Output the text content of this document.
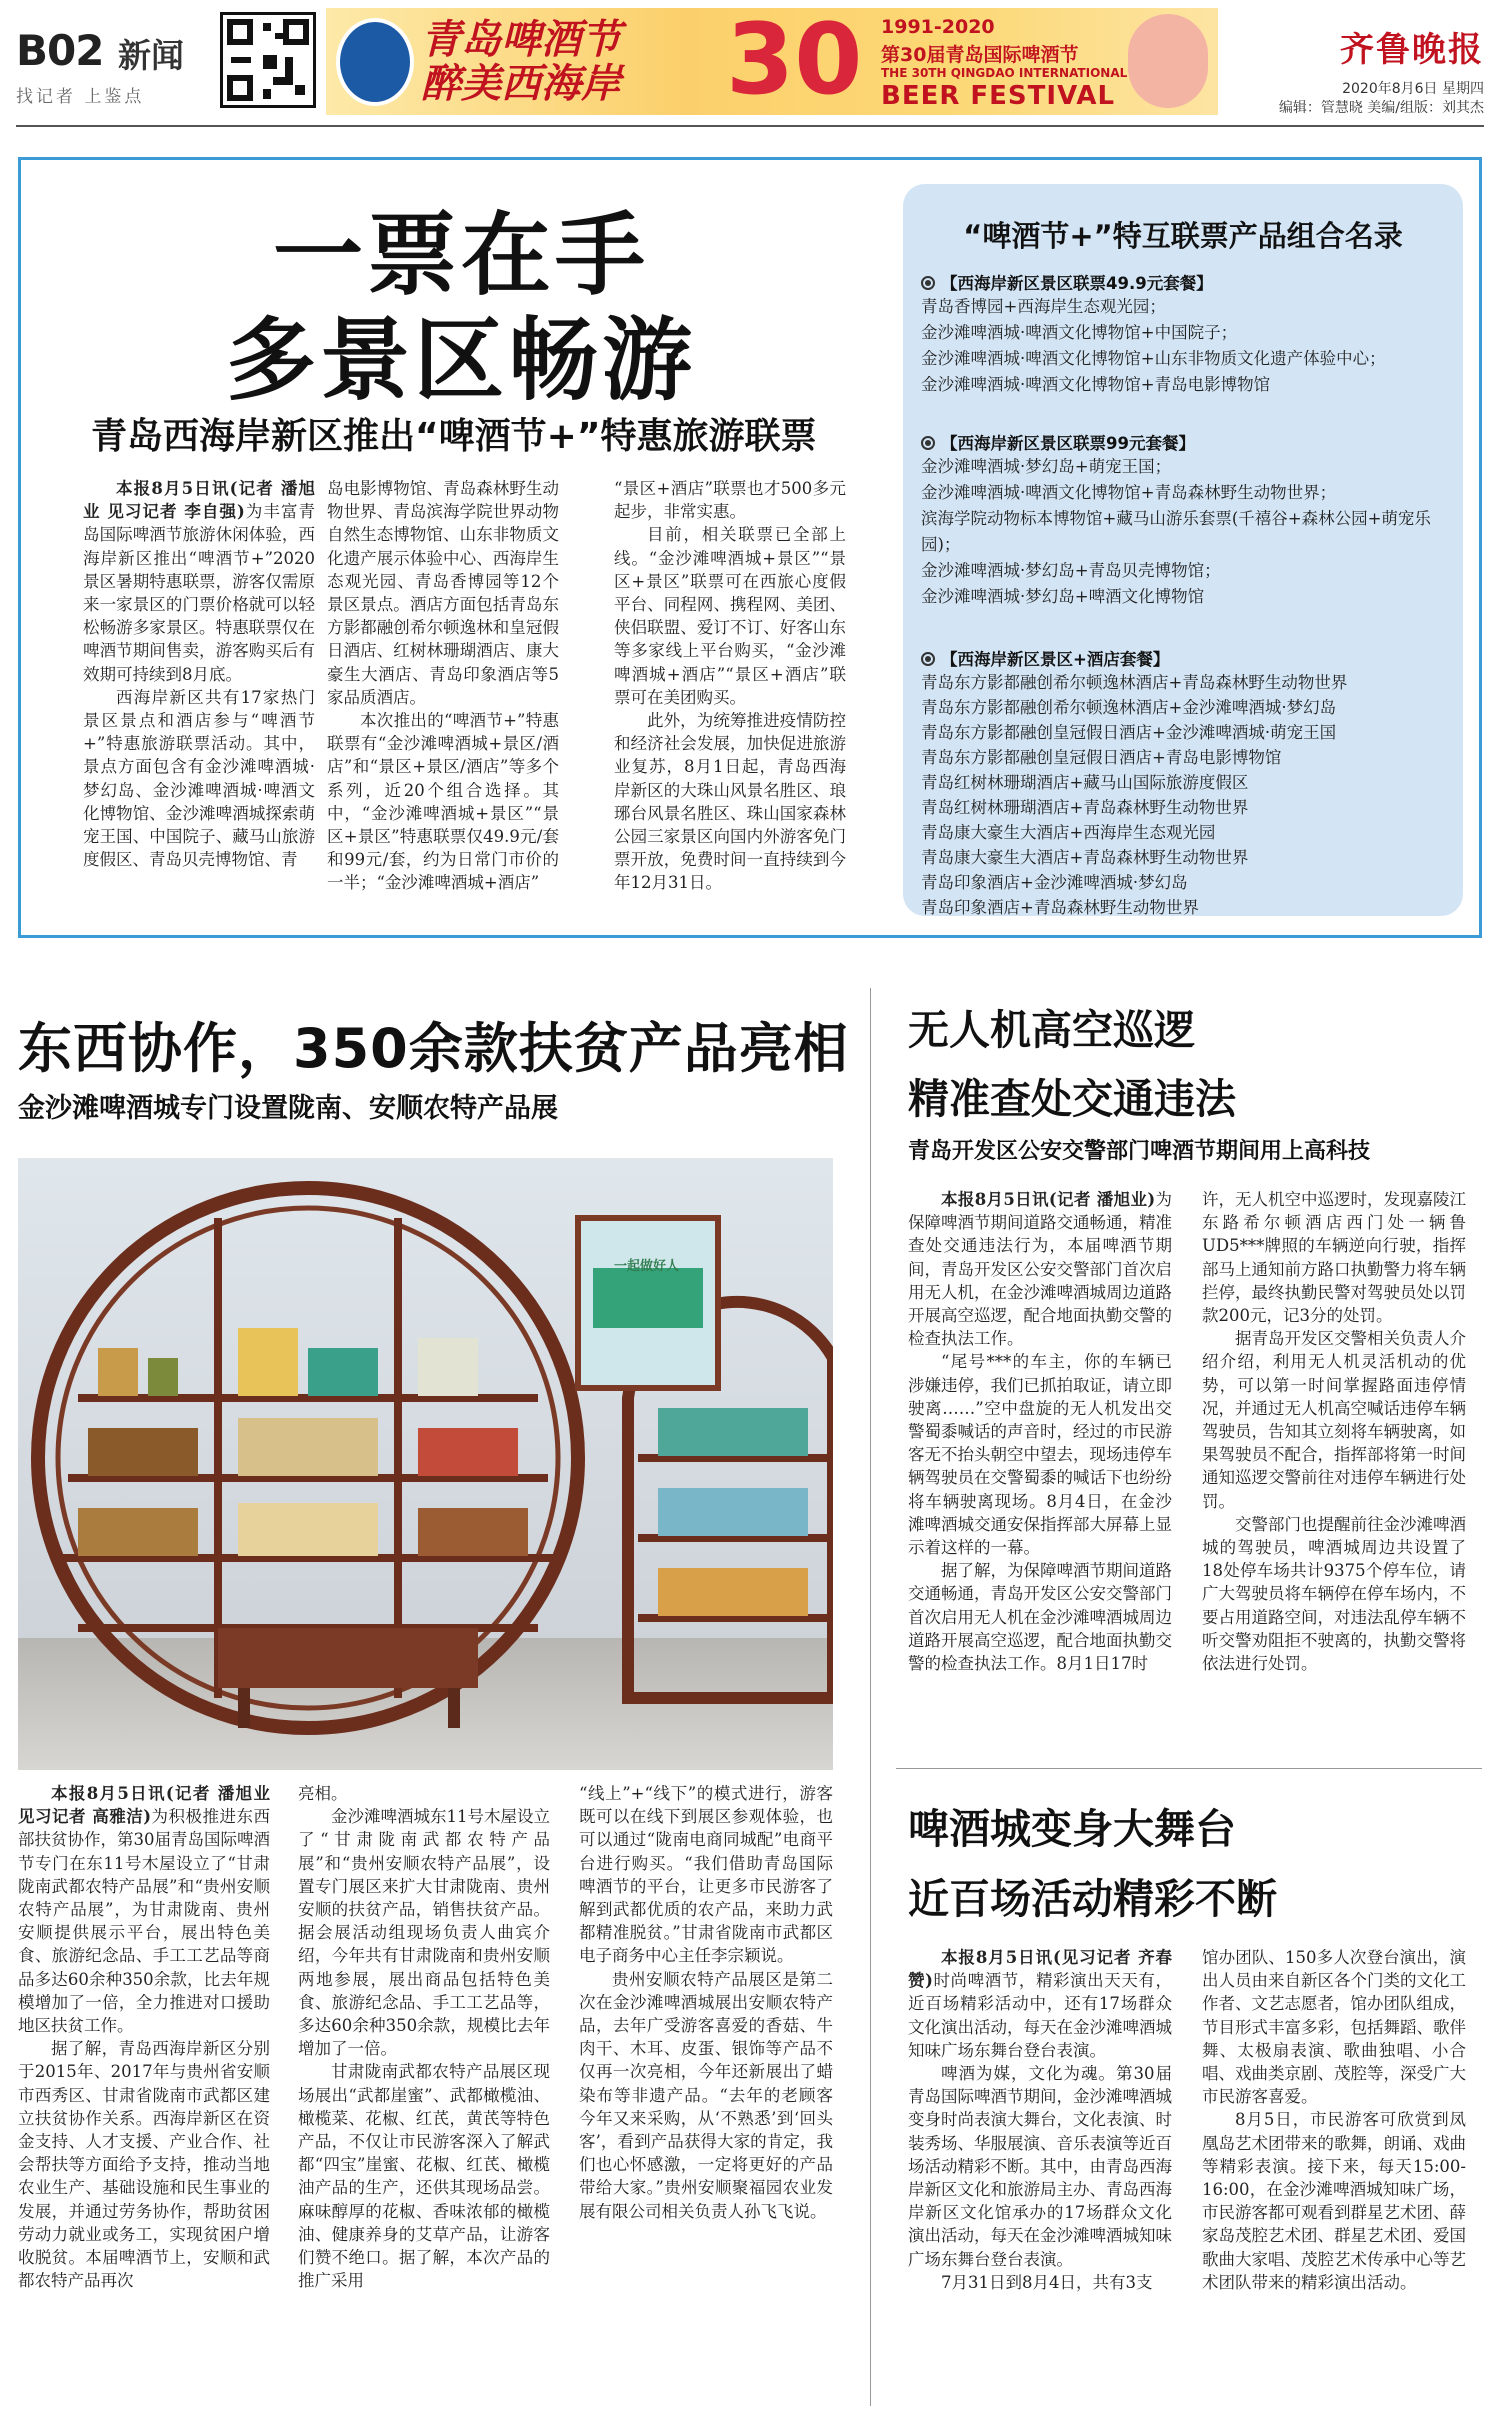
B02 新闻
找记者 上鉴点
青岛啤酒节
醉美西海岸 30 1991-2020
第30届青岛国际啤酒节
THE 30TH QINGDAO INTERNATIONAL
BEER FESTIVAL
齐鲁晚报
2020年8月6日 星期四
编辑：管慧晓 美编/组版：刘其杰
一票在手
多景区畅游
青岛西海岸新区推出“啤酒节+”特惠旅游联票

本报8月5日讯(记者 潘旭业 见习记者 李自强)为丰富青岛国际啤酒节旅游休闲体验，西海岸新区推出“啤酒节+”2020景区暑期特惠联票，游客仅需原来一家景区的门票价格就可以轻松畅游多家景区。特惠联票仅在啤酒节期间售卖，游客购买后有效期可持续到8月底。

西海岸新区共有17家热门景区景点和酒店参与“啤酒节+”特惠旅游联票活动。其中，景点方面包含有金沙滩啤酒城·梦幻岛、金沙滩啤酒城·啤酒文化博物馆、金沙滩啤酒城探索萌宠王国、中国院子、藏马山旅游度假区、青岛贝壳博物馆、青

岛电影博物馆、青岛森林野生动物世界、青岛滨海学院世界动物自然生态博物馆、山东非物质文化遗产展示体验中心、西海岸生态观光园、青岛香博园等12个景区景点。酒店方面包括青岛东方影都融创希尔顿逸林和皇冠假日酒店、红树林珊瑚酒店、康大豪生大酒店、青岛印象酒店等5家品质酒店。

本次推出的“啤酒节+”特惠联票有“金沙滩啤酒城+景区/酒店”和“景区+景区/酒店”等多个系列，近20个组合选择。其中，“金沙滩啤酒城+景区”“景区+景区”特惠联票仅49.9元/套和99元/套，约为日常门市价的一半；“金沙滩啤酒城+酒店”

“景区+酒店”联票也才500多元起步，非常实惠。

目前，相关联票已全部上线。“金沙滩啤酒城+景区”“景区+景区”联票可在西旅心度假平台、同程网、携程网、美团、侠侣联盟、爱订不订、好客山东等多家线上平台购买，“金沙滩啤酒城+酒店”“景区+酒店”联票可在美团购买。

此外，为统筹推进疫情防控和经济社会发展，加快促进旅游业复苏，8月1日起，青岛西海岸新区的大珠山风景名胜区、琅琊台风景名胜区、珠山国家森林公园三家景区向国内外游客免门票开放，免费时间一直持续到今年12月31日。

“啤酒节+”特互联票产品组合名录
【西海岸新区景区联票49.9元套餐】
青岛香博园+西海岸生态观光园；
金沙滩啤酒城·啤酒文化博物馆+中国院子；
金沙滩啤酒城·啤酒文化博物馆+山东非物质文化遗产体验中心；
金沙滩啤酒城·啤酒文化博物馆+青岛电影博物馆
【西海岸新区景区联票99元套餐】
金沙滩啤酒城·梦幻岛+萌宠王国；
金沙滩啤酒城·啤酒文化博物馆+青岛森林野生动物世界；
滨海学院动物标本博物馆+藏马山游乐套票(千禧谷+森林公园+萌宠乐园)；
金沙滩啤酒城·梦幻岛+青岛贝壳博物馆；
金沙滩啤酒城·梦幻岛+啤酒文化博物馆
【西海岸新区景区+酒店套餐】
青岛东方影都融创希尔顿逸林酒店+青岛森林野生动物世界
青岛东方影都融创希尔顿逸林酒店+金沙滩啤酒城·梦幻岛
青岛东方影都融创皇冠假日酒店+金沙滩啤酒城·萌宠王国
青岛东方影都融创皇冠假日酒店+青岛电影博物馆
青岛红树林珊瑚酒店+藏马山国际旅游度假区
青岛红树林珊瑚酒店+青岛森林野生动物世界
青岛康大豪生大酒店+西海岸生态观光园
青岛康大豪生大酒店+青岛森林野生动物世界
青岛印象酒店+金沙滩啤酒城·梦幻岛
青岛印象酒店+青岛森林野生动物世界
东西协作，350余款扶贫产品亮相
金沙滩啤酒城专门设置陇南、安顺农特产品展
一起做好人

本报8月5日讯(记者 潘旭业 见习记者 高雅洁)为积极推进东西部扶贫协作，第30届青岛国际啤酒节专门在东11号木屋设立了“甘肃陇南武都农特产品展”和“贵州安顺农特产品展”，为甘肃陇南、贵州安顺提供展示平台，展出特色美食、旅游纪念品、手工工艺品等商品多达60余种350余款，比去年规模增加了一倍，全力推进对口援助地区扶贫工作。

据了解，青岛西海岸新区分别于2015年、2017年与贵州省安顺市西秀区、甘肃省陇南市武都区建立扶贫协作关系。西海岸新区在资金支持、人才支援、产业合作、社会帮扶等方面给予支持，推动当地农业生产、基础设施和民生事业的发展，并通过劳务协作，帮助贫困劳动力就业或务工，实现贫困户增收脱贫。本届啤酒节上，安顺和武都农特产品再次

亮相。

金沙滩啤酒城东11号木屋设立了“甘肃陇南武都农特产品展”和“贵州安顺农特产品展”，设置专门展区来扩大甘肃陇南、贵州安顺的扶贫产品，销售扶贫产品。据会展活动组现场负责人曲宾介绍，今年共有甘肃陇南和贵州安顺两地参展，展出商品包括特色美食、旅游纪念品、手工工艺品等，多达60余种350余款，规模比去年增加了一倍。

甘肃陇南武都农特产品展区现场展出“武都崖蜜”、武都橄榄油、橄榄菜、花椒、红芪，黄芪等特色产品，不仅让市民游客深入了解武都“四宝”崖蜜、花椒、红芪、橄榄油产品的生产，还供其现场品尝。麻味醇厚的花椒、香味浓郁的橄榄油、健康养身的艾草产品，让游客们赞不绝口。据了解，本次产品的推广采用

“线上”+“线下”的模式进行，游客既可以在线下到展区参观体验，也可以通过“陇南电商同城配”电商平台进行购买。“我们借助青岛国际啤酒节的平台，让更多市民游客了解到武都优质的农产品，来助力武都精准脱贫。”甘肃省陇南市武都区电子商务中心主任李宗颖说。

贵州安顺农特产品展区是第二次在金沙滩啤酒城展出安顺农特产品，去年广受游客喜爱的香菇、牛肉干、木耳、皮蛋、银饰等产品不仅再一次亮相，今年还新展出了蜡染布等非遗产品。“去年的老顾客今年又来采购，从‘不熟悉’到‘回头客’，看到产品获得大家的肯定，我们也心怀感激，一定将更好的产品带给大家。”贵州安顺聚福园农业发展有限公司相关负责人孙飞飞说。

无人机高空巡逻
精准查处交通违法
青岛开发区公安交警部门啤酒节期间用上高科技

本报8月5日讯(记者 潘旭业)为保障啤酒节期间道路交通畅通，精准查处交通违法行为，本届啤酒节期间，青岛开发区公安交警部门首次启用无人机，在金沙滩啤酒城周边道路开展高空巡逻，配合地面执勤交警的检查执法工作。

“尾号***的车主，你的车辆已涉嫌违停，我们已抓拍取证，请立即驶离……”空中盘旋的无人机发出交警蜀黍喊话的声音时，经过的市民游客无不抬头朝空中望去，现场违停车辆驾驶员在交警蜀黍的喊话下也纷纷将车辆驶离现场。8月4日，在金沙滩啤酒城交通安保指挥部大屏幕上显示着这样的一幕。

据了解，为保障啤酒节期间道路交通畅通，青岛开发区公安交警部门首次启用无人机在金沙滩啤酒城周边道路开展高空巡逻，配合地面执勤交警的检查执法工作。8月1日17时

许，无人机空中巡逻时，发现嘉陵江东路希尔顿酒店西门处一辆鲁UD5***牌照的车辆逆向行驶，指挥部马上通知前方路口执勤警力将车辆拦停，最终执勤民警对驾驶员处以罚款200元，记3分的处罚。

据青岛开发区交警相关负责人介绍介绍，利用无人机灵活机动的优势，可以第一时间掌握路面违停情况，并通过无人机高空喊话违停车辆驾驶员，告知其立刻将车辆驶离，如果驾驶员不配合，指挥部将第一时间通知巡逻交警前往对违停车辆进行处罚。

交警部门也提醒前往金沙滩啤酒城的驾驶员，啤酒城周边共设置了18处停车场共计9375个停车位，请广大驾驶员将车辆停在停车场内，不要占用道路空间，对违法乱停车辆不听交警劝阻拒不驶离的，执勤交警将依法进行处罚。

啤酒城变身大舞台
近百场活动精彩不断

本报8月5日讯(见习记者 齐春赞)时尚啤酒节，精彩演出天天有，近百场精彩活动中，还有17场群众文化演出活动，每天在金沙滩啤酒城知味广场东舞台登台表演。

啤酒为媒，文化为魂。第30届青岛国际啤酒节期间，金沙滩啤酒城变身时尚表演大舞台，文化表演、时装秀场、华服展演、音乐表演等近百场活动精彩不断。其中，由青岛西海岸新区文化和旅游局主办、青岛西海岸新区文化馆承办的17场群众文化演出活动，每天在金沙滩啤酒城知味广场东舞台登台表演。

7月31日到8月4日，共有3支

馆办团队、150多人次登台演出，演出人员由来自新区各个门类的文化工作者、文艺志愿者，馆办团队组成，节目形式丰富多彩，包括舞蹈、歌伴舞、太极扇表演、歌曲独唱、小合唱、戏曲类京剧、茂腔等，深受广大市民游客喜爱。

8月5日，市民游客可欣赏到凤凰岛艺术团带来的歌舞，朗诵、戏曲等精彩表演。接下来，每天15:00-16:00，在金沙滩啤酒城知味广场，市民游客都可观看到群星艺术团、薛家岛茂腔艺术团、群星艺术团、爱国歌曲大家唱、茂腔艺术传承中心等艺术团队带来的精彩演出活动。
